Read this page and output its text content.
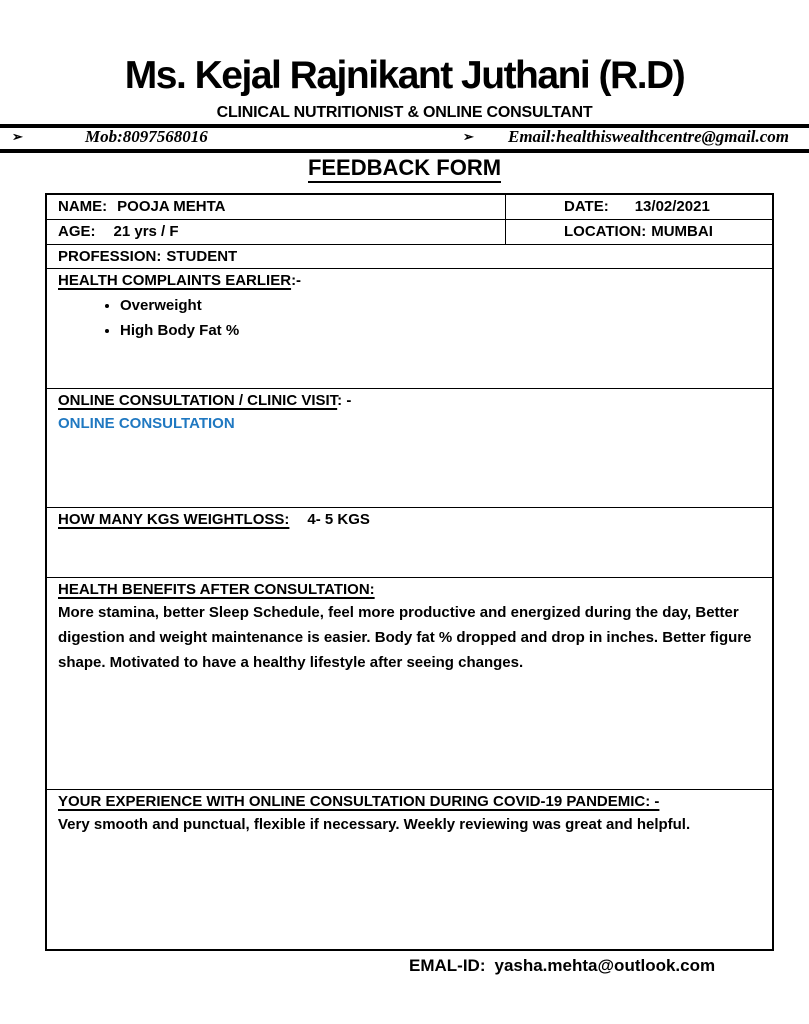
Ms. Kejal Rajnikant Juthani (R.D)
CLINICAL NUTRITIONIST & ONLINE CONSULTANT
➢	Mob:8097568016	➢ Email:healthiswealthcentre@gmail.com
FEEDBACK FORM
NAME: POOJA MEHTA	DATE: 13/02/2021
AGE: 21 yrs / F	LOCATION: MUMBAI
PROFESSION: STUDENT
HEALTH COMPLAINTS EARLIER:-
• Overweight
• High Body Fat %
ONLINE CONSULTATION / CLINIC VISIT: -
ONLINE CONSULTATION
HOW MANY KGS WEIGHTLOSS: 4- 5 KGS
HEALTH BENEFITS AFTER CONSULTATION:
More stamina, better Sleep Schedule, feel more productive and energized during the day, Better digestion and weight maintenance is easier. Body fat % dropped and drop in inches. Better figure shape. Motivated to have a healthy lifestyle after seeing changes.
YOUR EXPERIENCE WITH ONLINE CONSULTATION DURING COVID-19 PANDEMIC: -
Very smooth and punctual, flexible if necessary. Weekly reviewing was great and helpful.
EMAL-ID: yasha.mehta@outlook.com
